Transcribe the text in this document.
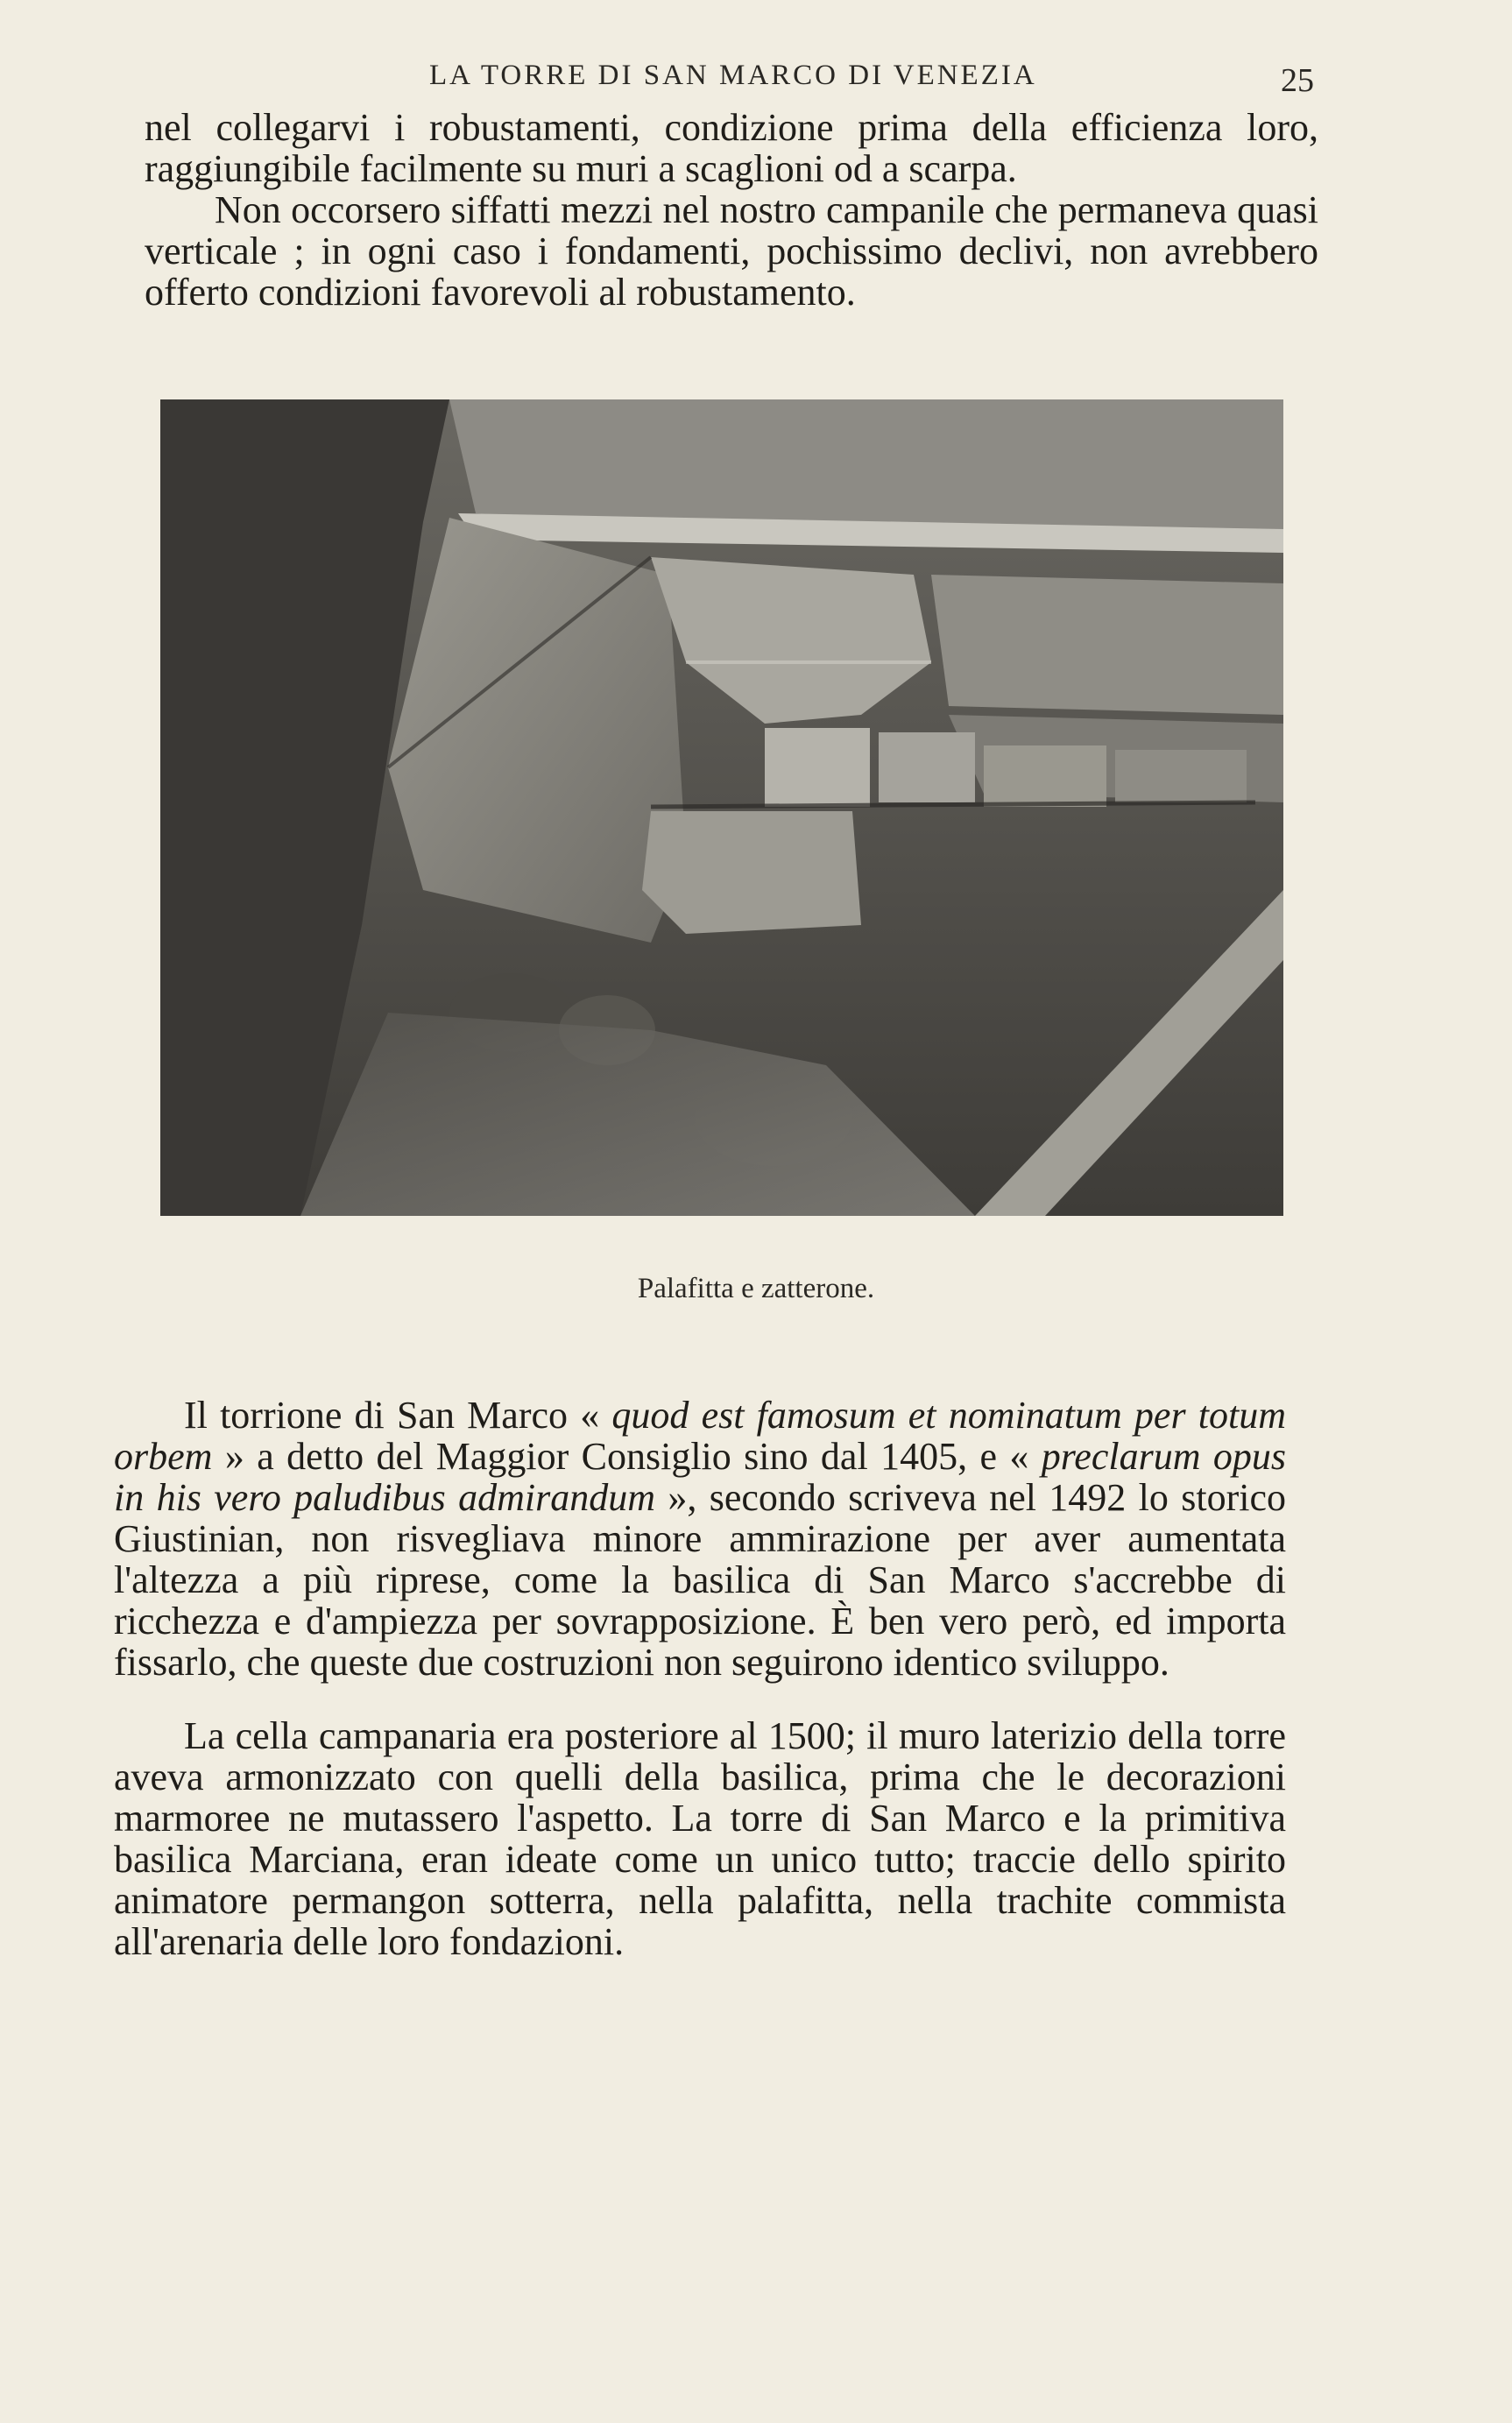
LA TORRE DI SAN MARCO DI VENEZIA	25

nel collegarvi i robustamenti, condizione prima della efficienza loro, raggiungibile facilmente su muri a scaglioni od a scarpa.

Non occorsero siffatti mezzi nel nostro campanile che permaneva quasi verticale ; in ogni caso i fondamenti, pochissimo declivi, non avrebbero offerto condizioni favorevoli al robustamento.

Palafitta e zatterone.

Il torrione di San Marco « quod est famosum et nominatum per totum orbem » a detto del Maggior Consiglio sino dal 1405, e « preclarum opus in his vero paludibus admirandum », secondo scriveva nel 1492 lo storico Giustinian, non risvegliava minore ammirazione per aver aumentata l'altezza a più riprese, come la basilica di San Marco s'accrebbe di ricchezza e d'ampiezza per sovrapposizione. È ben vero però, ed importa fissarlo, che queste due costruzioni non seguirono identico sviluppo.

La cella campanaria era posteriore al 1500; il muro laterizio della torre aveva armonizzato con quelli della basilica, prima che le decorazioni marmoree ne mutassero l'aspetto. La torre di San Marco e la primitiva basilica Marciana, eran ideate come un unico tutto; traccie dello spirito animatore permangon sotterra, nella palafitta, nella trachite commista all'arenaria delle loro fondazioni.
